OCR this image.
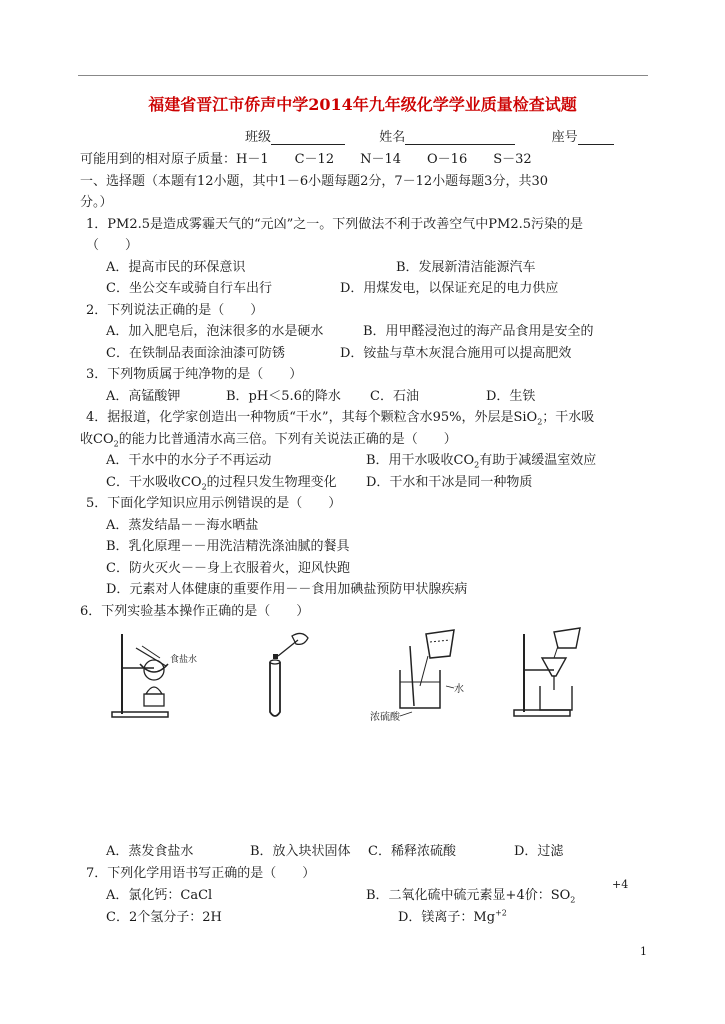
福建省晋江市侨声中学2014年九年级化学学业质量检查试题
班级	姓名	座号
可能用到的相对原子质量：H－1　　C－12　　N－14　　O－16　　S－32
一、选择题（本题有12小题，其中1－6小题每题2分，7－12小题每题3分，共30
分。）
1．PM2.5是造成雾霾天气的“元凶”之一。下列做法不利于改善空气中PM2.5污染的是
（　　）
A．提高市民的环保意识	B．发展新清洁能源汽车
C．坐公交车或骑自行车出行	D．用煤发电，以保证充足的电力供应
2．下列说法正确的是（　　）
A．加入肥皂后，泡沫很多的水是硬水	B．用甲醛浸泡过的海产品食用是安全的
C．在铁制品表面涂油漆可防锈	D．铵盐与草木灰混合施用可以提高肥效
3．下列物质属于纯净物的是（　　）
A．高锰酸钾	B．pH＜5.6的降水 C．石油	D．生铁
4．据报道，化学家创造出一种物质“干水”，其每个颗粒含水95%，外层是SiO$_2$；干水吸
收$CO_2$的能力比普通清水高三倍。下列有关说法正确的是（　　）
A．干水中的水分子不再运动	B．用干水吸收$CO_2$有助于减缓温室效应
C．干水吸收$CO_2$的过程只发生物理变化 D．干水和干冰是同一种物质
5．下面化学知识应用示例错误的是（　　）
A．蒸发结晶－－海水晒盐
B．乳化原理－－用洗洁精洗涤油腻的餐具
C．防火灭火－－身上衣服着火，迎风快跑
D．元素对人体健康的重要作用－－食用加碘盐预防甲状腺疾病
6．下列实验基本操作正确的是（　　）
食盐水
水
浓硫酸
A．蒸发食盐水	B．放入块状固体 C．稀释浓硫酸	D．过滤
7．下列化学用语书写正确的是（　　）
A．氯化钙：CaCl	B．二氧化硫中硫元素显+4价：$SO_2$
+4
C．2个氢分子：2H	D．镁离子：$Mg^{+2}$
1
